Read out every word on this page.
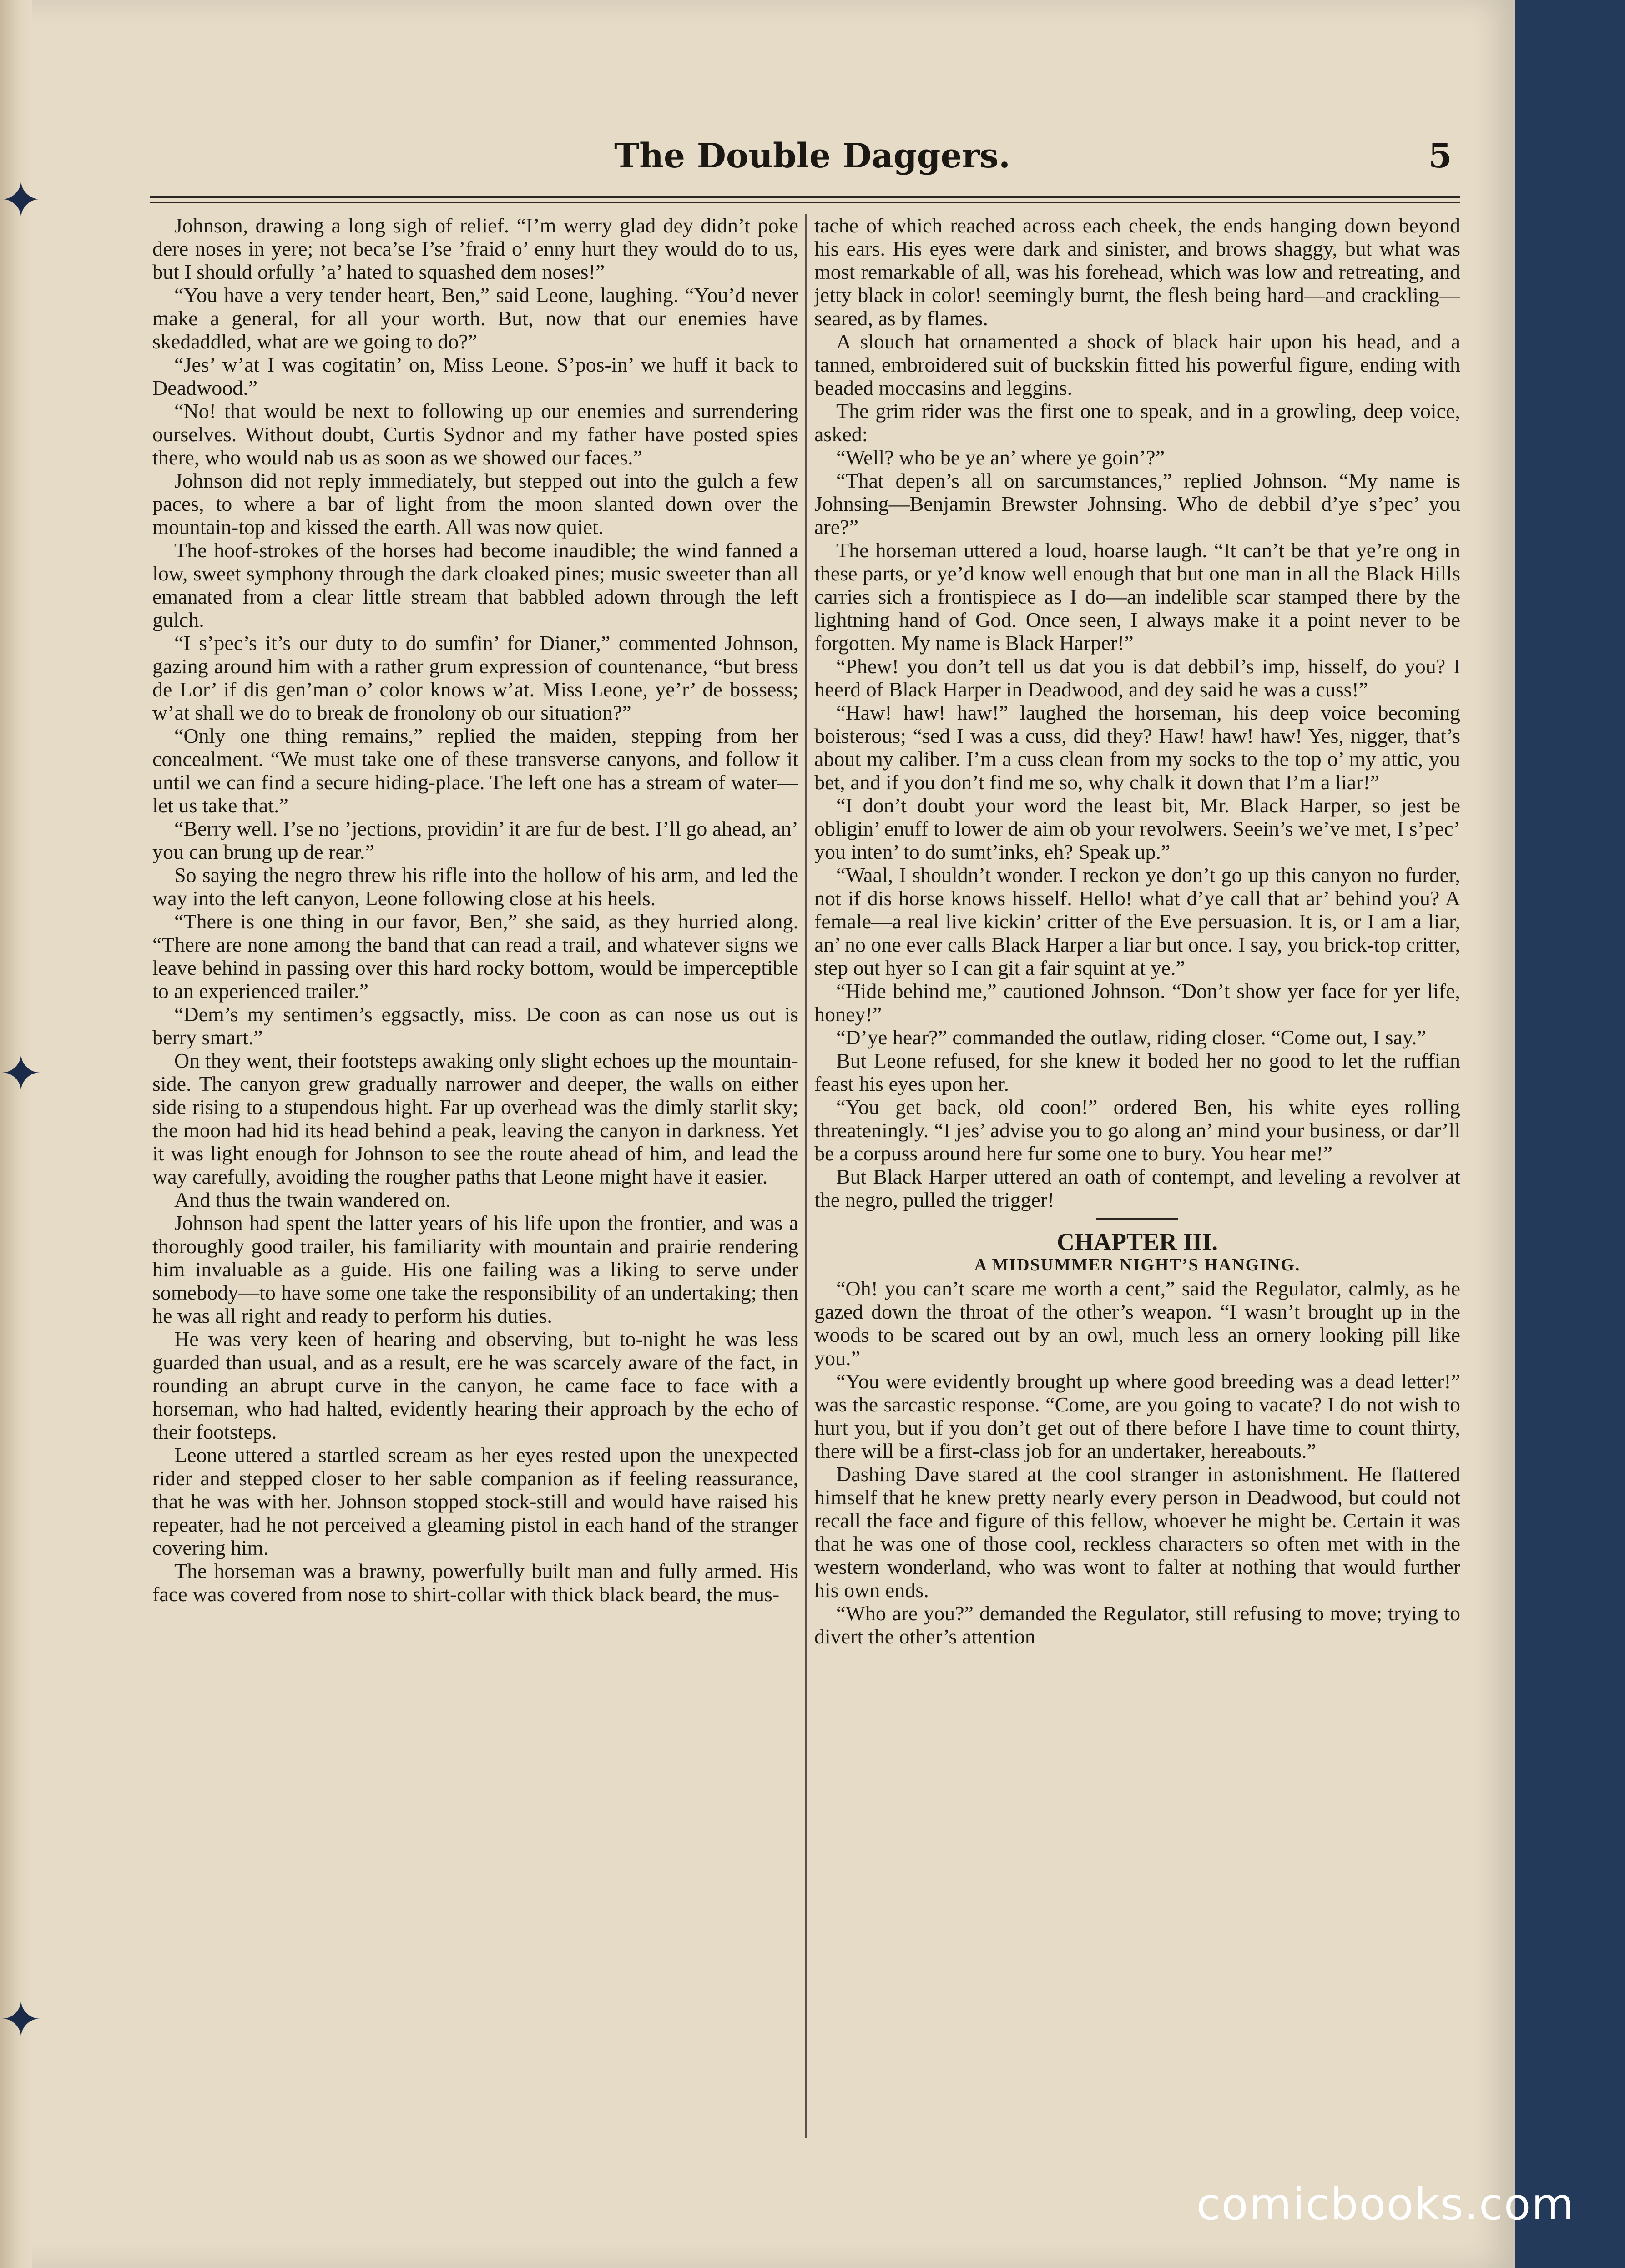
✦
✦
✦
The Double Daggers.	5

Johnson, drawing a long sigh of relief. “I’m werry glad dey didn’t poke dere noses in yere; not beca’se I’se ’fraid o’ enny hurt they would do to us, but I should orfully ’a’ hated to squashed dem noses!”

“You have a very tender heart, Ben,” said Leone, laughing. “You’d never make a general, for all your worth. But, now that our enemies have skedaddled, what are we going to do?”

“Jes’ w’at I was cogitatin’ on, Miss Leone. S’pos-in’ we huff it back to Deadwood.”

“No! that would be next to following up our enemies and surrendering ourselves. Without doubt, Curtis Sydnor and my father have posted spies there, who would nab us as soon as we showed our faces.”

Johnson did not reply immediately, but stepped out into the gulch a few paces, to where a bar of light from the moon slanted down over the mountain-top and kissed the earth. All was now quiet.

The hoof-strokes of the horses had become inaudible; the wind fanned a low, sweet symphony through the dark cloaked pines; music sweeter than all emanated from a clear little stream that babbled adown through the left gulch.

“I s’pec’s it’s our duty to do sumfin’ for Dianer,” commented Johnson, gazing around him with a rather grum expression of countenance, “but bress de Lor’ if dis gen’man o’ color knows w’at. Miss Leone, ye’r’ de bossess; w’at shall we do to break de fronolony ob our situation?”

“Only one thing remains,” replied the maiden, stepping from her concealment. “We must take one of these transverse canyons, and follow it until we can find a secure hiding-place. The left one has a stream of water—let us take that.”

“Berry well. I’se no ’jections, providin’ it are fur de best. I’ll go ahead, an’ you can brung up de rear.”

So saying the negro threw his rifle into the hollow of his arm, and led the way into the left canyon, Leone following close at his heels.

“There is one thing in our favor, Ben,” she said, as they hurried along. “There are none among the band that can read a trail, and whatever signs we leave behind in passing over this hard rocky bottom, would be imperceptible to an experienced trailer.”

“Dem’s my sentimen’s eggsactly, miss. De coon as can nose us out is berry smart.”

On they went, their footsteps awaking only slight echoes up the mountain-side. The canyon grew gradually narrower and deeper, the walls on either side rising to a stupendous hight. Far up overhead was the dimly starlit sky; the moon had hid its head behind a peak, leaving the canyon in darkness. Yet it was light enough for Johnson to see the route ahead of him, and lead the way carefully, avoiding the rougher paths that Leone might have it easier.

And thus the twain wandered on.

Johnson had spent the latter years of his life upon the frontier, and was a thoroughly good trailer, his familiarity with mountain and prairie rendering him invaluable as a guide. His one failing was a liking to serve under somebody—to have some one take the responsibility of an undertaking; then he was all right and ready to perform his duties.

He was very keen of hearing and observing, but to-night he was less guarded than usual, and as a result, ere he was scarcely aware of the fact, in rounding an abrupt curve in the canyon, he came face to face with a horseman, who had halted, evidently hearing their approach by the echo of their footsteps.

Leone uttered a startled scream as her eyes rested upon the unexpected rider and stepped closer to her sable companion as if feeling reassurance, that he was with her. Johnson stopped stock-still and would have raised his repeater, had he not perceived a gleaming pistol in each hand of the stranger covering him.

The horseman was a brawny, powerfully built man and fully armed. His face was covered from nose to shirt-collar with thick black beard, the mus-

tache of which reached across each cheek, the ends hanging down beyond his ears. His eyes were dark and sinister, and brows shaggy, but what was most remarkable of all, was his forehead, which was low and retreating, and jetty black in color! seemingly burnt, the flesh being hard—and crackling—seared, as by flames.

A slouch hat ornamented a shock of black hair upon his head, and a tanned, embroidered suit of buckskin fitted his powerful figure, ending with beaded moccasins and leggins.

The grim rider was the first one to speak, and in a growling, deep voice, asked:

“Well? who be ye an’ where ye goin’?”

“That depen’s all on sarcumstances,” replied Johnson. “My name is Johnsing—Benjamin Brewster Johnsing. Who de debbil d’ye s’pec’ you are?”

The horseman uttered a loud, hoarse laugh. “It can’t be that ye’re ong in these parts, or ye’d know well enough that but one man in all the Black Hills carries sich a frontispiece as I do—an indelible scar stamped there by the lightning hand of God. Once seen, I always make it a point never to be forgotten. My name is Black Harper!”

“Phew! you don’t tell us dat you is dat debbil’s imp, hisself, do you? I heerd of Black Harper in Deadwood, and dey said he was a cuss!”

“Haw! haw! haw!” laughed the horseman, his deep voice becoming boisterous; “sed I was a cuss, did they? Haw! haw! haw! Yes, nigger, that’s about my caliber. I’m a cuss clean from my socks to the top o’ my attic, you bet, and if you don’t find me so, why chalk it down that I’m a liar!”

“I don’t doubt your word the least bit, Mr. Black Harper, so jest be obligin’ enuff to lower de aim ob your revolwers. Seein’s we’ve met, I s’pec’ you inten’ to do sumt’inks, eh? Speak up.”

“Waal, I shouldn’t wonder. I reckon ye don’t go up this canyon no furder, not if dis horse knows hisself. Hello! what d’ye call that ar’ behind you? A female—a real live kickin’ critter of the Eve persuasion. It is, or I am a liar, an’ no one ever calls Black Harper a liar but once. I say, you brick-top critter, step out hyer so I can git a fair squint at ye.”

“Hide behind me,” cautioned Johnson. “Don’t show yer face for yer life, honey!”

“D’ye hear?” commanded the outlaw, riding closer. “Come out, I say.”

But Leone refused, for she knew it boded her no good to let the ruffian feast his eyes upon her.

“You get back, old coon!” ordered Ben, his white eyes rolling threateningly. “I jes’ advise you to go along an’ mind your business, or dar’ll be a corpuss around here fur some one to bury. You hear me!”

But Black Harper uttered an oath of contempt, and leveling a revolver at the negro, pulled the trigger!

CHAPTER III.

A MIDSUMMER NIGHT’S HANGING.

“Oh! you can’t scare me worth a cent,” said the Regulator, calmly, as he gazed down the throat of the other’s weapon. “I wasn’t brought up in the woods to be scared out by an owl, much less an ornery looking pill like you.”

“You were evidently brought up where good breeding was a dead letter!” was the sarcastic response. “Come, are you going to vacate? I do not wish to hurt you, but if you don’t get out of there before I have time to count thirty, there will be a first-class job for an undertaker, hereabouts.”

Dashing Dave stared at the cool stranger in astonishment. He flattered himself that he knew pretty nearly every person in Deadwood, but could not recall the face and figure of this fellow, whoever he might be. Certain it was that he was one of those cool, reckless characters so often met with in the western wonderland, who was wont to falter at nothing that would further his own ends.

“Who are you?” demanded the Regulator, still refusing to move; trying to divert the other’s attention

comicbooks.com
